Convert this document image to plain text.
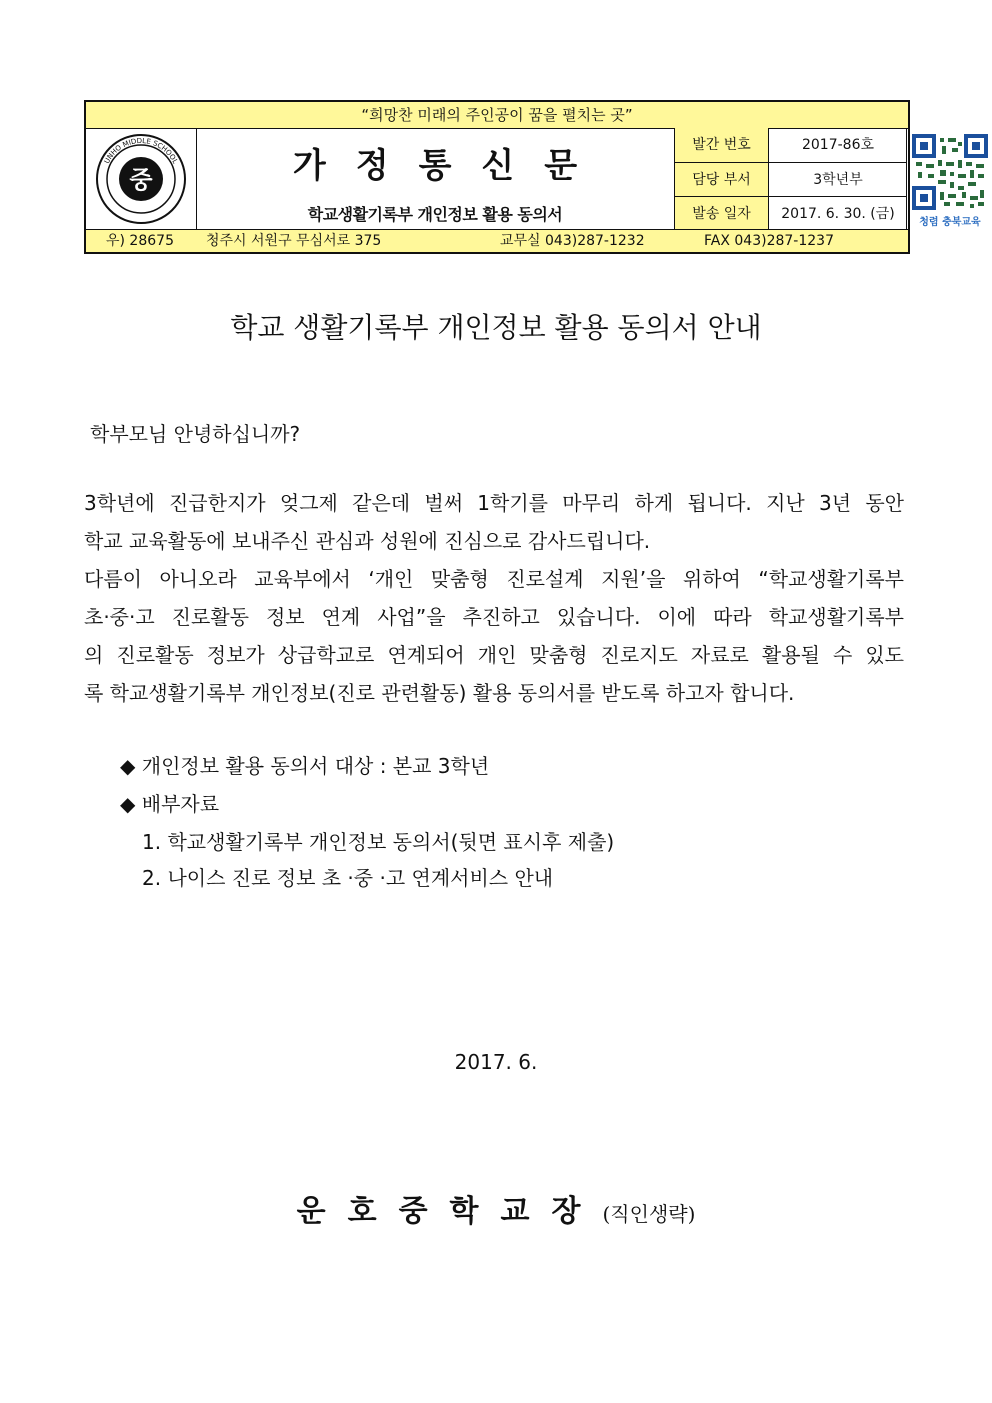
“희망찬 미래의 주인공이 꿈을 펼치는 곳”
중
UNHO MIDDLE SCHOOL	가정통신문
학교생활기록부 개인정보 활용 동의서
발간 번호	2017-86호
담당 부서	3학년부
발송 일자	2017. 6. 30. (금)
청렴 충북교육
우) 28675 청주시 서원구 무심서로 375	교무실 043)287-1232	FAX 043)287-1237
학교 생활기록부 개인정보 활용 동의서 안내
학부모님 안녕하십니까?
3학년에 진급한지가 엊그제 같은데 벌써 1학기를 마무리 하게 됩니다. 지난 3년 동안
학교 교육활동에 보내주신 관심과 성원에 진심으로 감사드립니다.
다름이 아니오라 교육부에서 ‘개인 맞춤형 진로설계 지원’을 위하여 “학교생활기록부
초·중·고 진로활동 정보 연계 사업”을 추진하고 있습니다. 이에 따라 학교생활기록부
의 진로활동 정보가 상급학교로 연계되어 개인 맞춤형 진로지도 자료로 활용될 수 있도
록 학교생활기록부 개인정보(진로 관련활동) 활용 동의서를 받도록 하고자 합니다.
◆ 개인정보 활용 동의서 대상 : 본교 3학년
◆ 배부자료
1. 학교생활기록부 개인정보 동의서(뒷면 표시후 제출)
2. 나이스 진로 정보 초 ·중 ·고 연계서비스 안내
2017. 6.
운호중학교장(직인생략)
